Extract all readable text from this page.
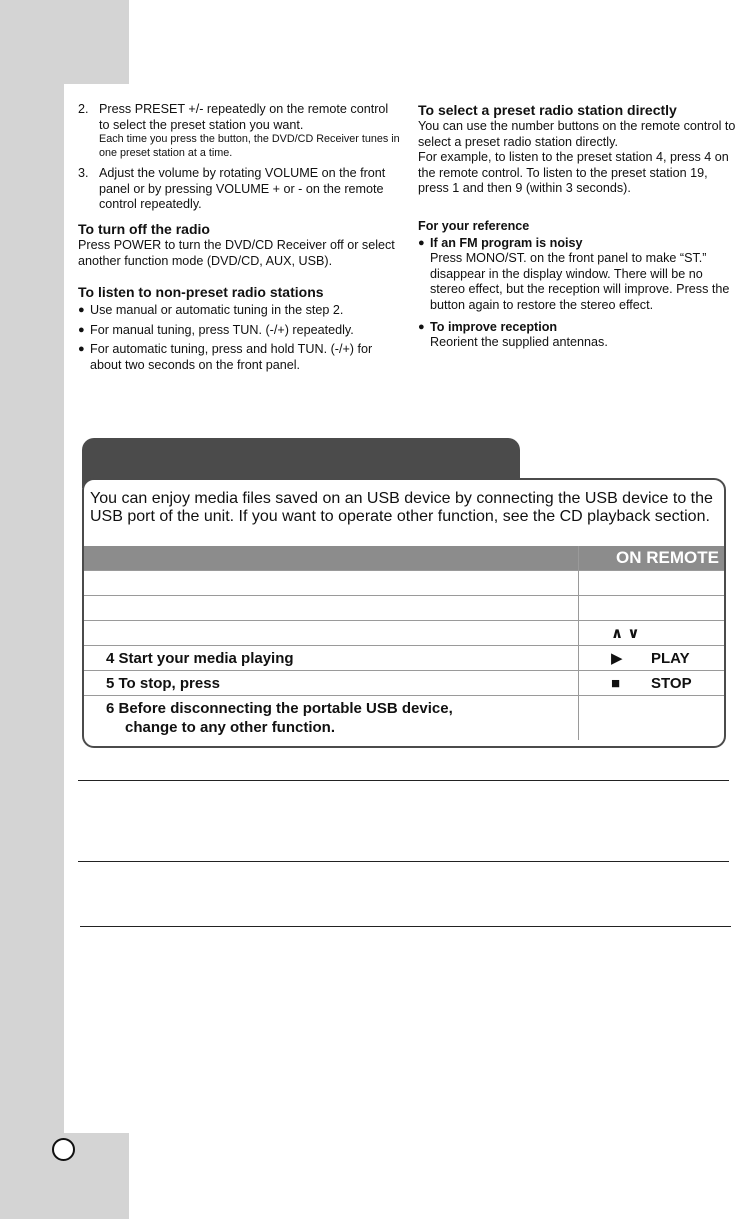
2. Press PRESET +/- repeatedly on the remote control to select the preset station you want.
Each time you press the button, the DVD/CD Receiver tunes in one preset station at a time.
3. Adjust the volume by rotating VOLUME on the front panel or by pressing VOLUME + or - on the remote control repeatedly.
To turn off the radio
Press POWER to turn the DVD/CD Receiver off or select another function mode (DVD/CD, AUX, USB).
To listen to non-preset radio stations
● Use manual or automatic tuning in the step 2.
● For manual tuning, press TUN. (-/+) repeatedly.
● For automatic tuning, press and hold TUN. (-/+) for about two seconds on the front panel.
To select a preset radio station directly
You can use the number buttons on the remote control to select a preset radio station directly.
For example, to listen to the preset station 4, press 4 on the remote control. To listen to the preset station 19, press 1 and then 9 (within 3 seconds).
For your reference
● If an FM program is noisy
Press MONO/ST. on the front panel to make “ST.” disappear in the display window. There will be no stereo effect, but the reception will improve. Press the button again to restore the stereo effect.
● To improve reception
Reorient the supplied antennas.
You can enjoy media files saved on an USB device by connecting the USB device to the USB port of the unit. If you want to operate other function, see the CD playback section.
	ON REMOTE

	∧ ∨
4 Start your media playing	▶ PLAY
5 To stop, press	■ STOP

6 Before disconnecting the portable USB device,
change to any other function.	
